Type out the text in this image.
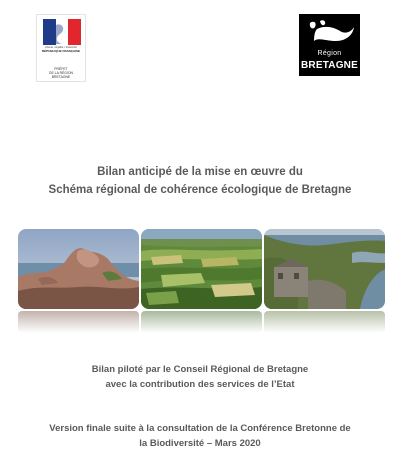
Liberté • Égalité • Fraternité
RÉPUBLIQUE FRANÇAISE
PRÉFET
DE LA RÉGION
BRETAGNE
Région
BRETAGNE
Bilan anticipé de la mise en œuvre du
Schéma régional de cohérence écologique de Bretagne
Bilan piloté par le Conseil Régional de Bretagne
avec la contribution des services de l’Etat
Version finale suite à la consultation de la Conférence Bretonne de
la Biodiversité – Mars 2020
